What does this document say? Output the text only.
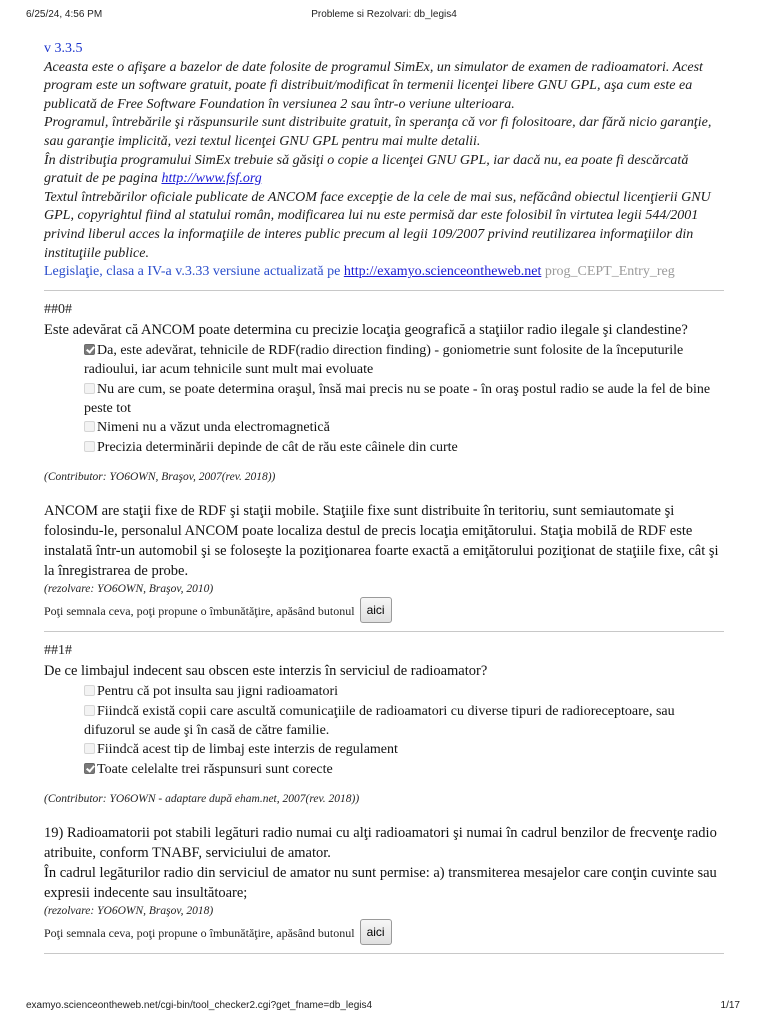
6/25/24, 4:56 PM	Probleme si Rezolvari: db_legis4
v 3.3.5
Aceasta este o afişare a bazelor de date folosite de programul SimEx, un simulator de examen de radioamatori. Acest program este un software gratuit, poate fi distribuit/modificat în termenii licenţei libere GNU GPL, aşa cum este ea publicată de Free Software Foundation în versiunea 2 sau într-o veriune ulterioara.
Programul, întrebările şi răspunsurile sunt distribuite gratuit, în speranţa că vor fi folositoare, dar fără nicio garanţie, sau garanţie implicită, vezi textul licenţei GNU GPL pentru mai multe detalii.
În distribuţia programului SimEx trebuie să găsiţi o copie a licenţei GNU GPL, iar dacă nu, ea poate fi descărcată gratuit de pe pagina http://www.fsf.org
Textul întrebărilor oficiale publicate de ANCOM face excepţie de la cele de mai sus, nefăcând obiectul licenţierii GNU GPL, copyrightul fiind al statului român, modificarea lui nu este permisă dar este folosibil în virtutea legii 544/2001 privind liberul acces la informaţiile de interes public precum al legii 109/2007 privind reutilizarea informaţiilor din instituţiile publice.
Legislaţie, clasa a IV-a v.3.33 versiune actualizată pe http://examyo.scienceontheweb.net prog_CEPT_Entry_reg
##0#
Este adevărat că ANCOM poate determina cu precizie locaţia geografică a staţiilor radio ilegale şi clandestine?
Da, este adevărat, tehnicile de RDF(radio direction finding) - goniometrie sunt folosite de la începuturile radioului, iar acum tehnicile sunt mult mai evoluate
Nu are cum, se poate determina oraşul, însă mai precis nu se poate - în oraş postul radio se aude la fel de bine peste tot
Nimeni nu a văzut unda electromagnetică
Precizia determinării depinde de cât de rău este câinele din curte
(Contributor: YO6OWN, Braşov, 2007(rev. 2018))
ANCOM are staţii fixe de RDF şi staţii mobile. Staţiile fixe sunt distribuite în teritoriu, sunt semiautomate şi folosindu-le, personalul ANCOM poate localiza destul de precis locaţia emiţătorului. Staţia mobilă de RDF este instalată într-un automobil şi se foloseşte la poziţionarea foarte exactă a emiţătorului poziţionat de staţiile fixe, cât şi la înregistrarea de probe.
(rezolvare: YO6OWN, Braşov, 2010)
Poţi semnala ceva, poţi propune o îmbunătăţire, apăsând butonul aici
##1#
De ce limbajul indecent sau obscen este interzis în serviciul de radioamator?
Pentru că pot insulta sau jigni radioamatori
Fiindcă există copii care ascultă comunicaţiile de radioamatori cu diverse tipuri de radioreceptoare, sau difuzorul se aude şi în casă de către familie.
Fiindcă acest tip de limbaj este interzis de regulament
Toate celelalte trei răspunsuri sunt corecte
(Contributor: YO6OWN - adaptare după eham.net, 2007(rev. 2018))
19) Radioamatorii pot stabili legături radio numai cu alţi radioamatori şi numai în cadrul benzilor de frecvenţe radio atribuite, conform TNABF, serviciului de amator.
În cadrul legăturilor radio din serviciul de amator nu sunt permise: a) transmiterea mesajelor care conţin cuvinte sau expresii indecente sau insultătoare;
(rezolvare: YO6OWN, Braşov, 2018)
Poţi semnala ceva, poţi propune o îmbunătăţire, apăsând butonul aici
examyo.scienceontheweb.net/cgi-bin/tool_checker2.cgi?get_fname=db_legis4	1/17
